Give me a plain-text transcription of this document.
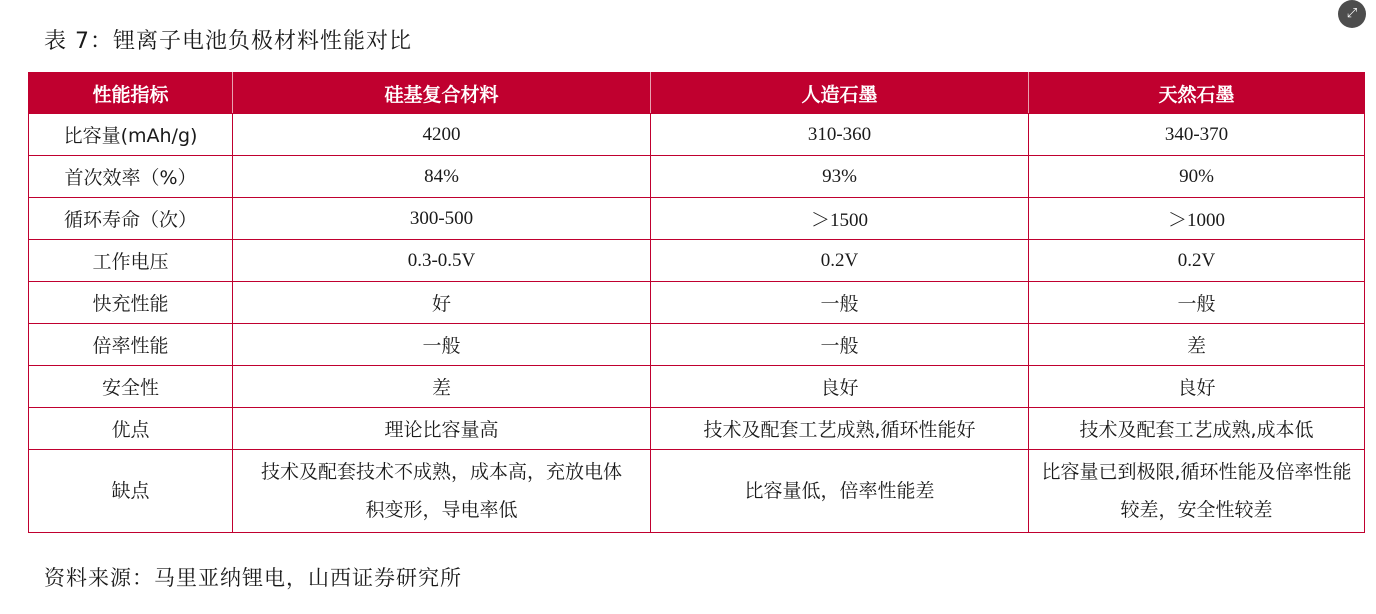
表 7：锂离子电池负极材料性能对比
⤢
性能指标	硅基复合材料	人造石墨	天然石墨
比容量(mAh/g)	4200	310-360	340-370
首次效率（%）	84%	93%	90%
循环寿命（次）	300-500	＞1500	＞1000
工作电压	0.3-0.5V	0.2V	0.2V
快充性能	好	一般	一般
倍率性能	一般	一般	差
安全性	差	良好	良好
优点	理论比容量高	技术及配套工艺成熟,循环性能好	技术及配套工艺成熟,成本低
缺点	技术及配套技术不成熟，成本高，充放电体积变形，导电率低	比容量低，倍率性能差	比容量已到极限,循环性能及倍率性能较差，安全性较差
资料来源：马里亚纳锂电，山西证券研究所
